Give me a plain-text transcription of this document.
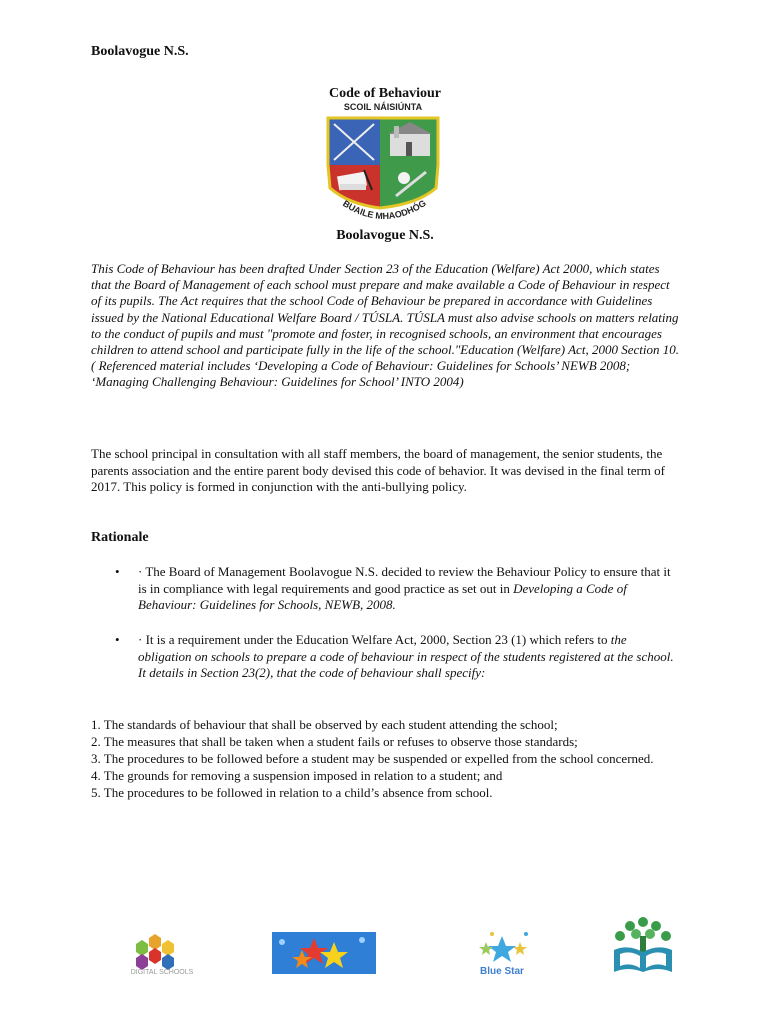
Boolavogue N.S.
Code of Behaviour
SCOIL NÁISIÚNTA
BUAILE MHAODHÓG
Boolavogue N.S.

This Code of Behaviour has been drafted Under Section 23 of the Education (Welfare) Act 2000, which states that the Board of Management of each school must prepare and make available a Code of Behaviour in respect of its pupils. The Act requires that the school Code of Behaviour be prepared in accordance with Guidelines issued by the National Educational Welfare Board / TÚSLA. TÚSLA must also advise schools on matters relating to the conduct of pupils and must "promote and foster, in recognised schools, an environment that encourages children to attend school and participate fully in the life of the school."Education (Welfare) Act, 2000 Section 10. ( Referenced material includes ‘Developing a Code of Behaviour: Guidelines for Schools’ NEWB 2008; ‘Managing Challenging Behaviour: Guidelines for School’ INTO 2004)

The school principal in consultation with all staff members, the board of management, the senior students, the parents association and the entire parent body devised this code of behavior. It was devised in the final term of 2017. This policy is formed in conjunction with the anti-bullying policy.

Rationale
• · The Board of Management Boolavogue N.S. decided to review the Behaviour Policy to ensure that it is in compliance with legal requirements and good practice as set out in Developing a Code of Behaviour: Guidelines for Schools, NEWB, 2008.
• · It is a requirement under the Education Welfare Act, 2000, Section 23 (1) which refers to the obligation on schools to prepare a code of behaviour in respect of the students registered at the school. It details in Section 23(2), that the code of behaviour shall specify:
1. The standards of behaviour that shall be observed by each student attending the school;
2. The measures that shall be taken when a student fails or refuses to observe those standards;
3. The procedures to be followed before a student may be suspended or expelled from the school concerned.
4. The grounds for removing a suspension imposed in relation to a student; and
5. The procedures to be followed in relation to a child’s absence from school.
DIGITAL SCHOOLS	Blue Star
